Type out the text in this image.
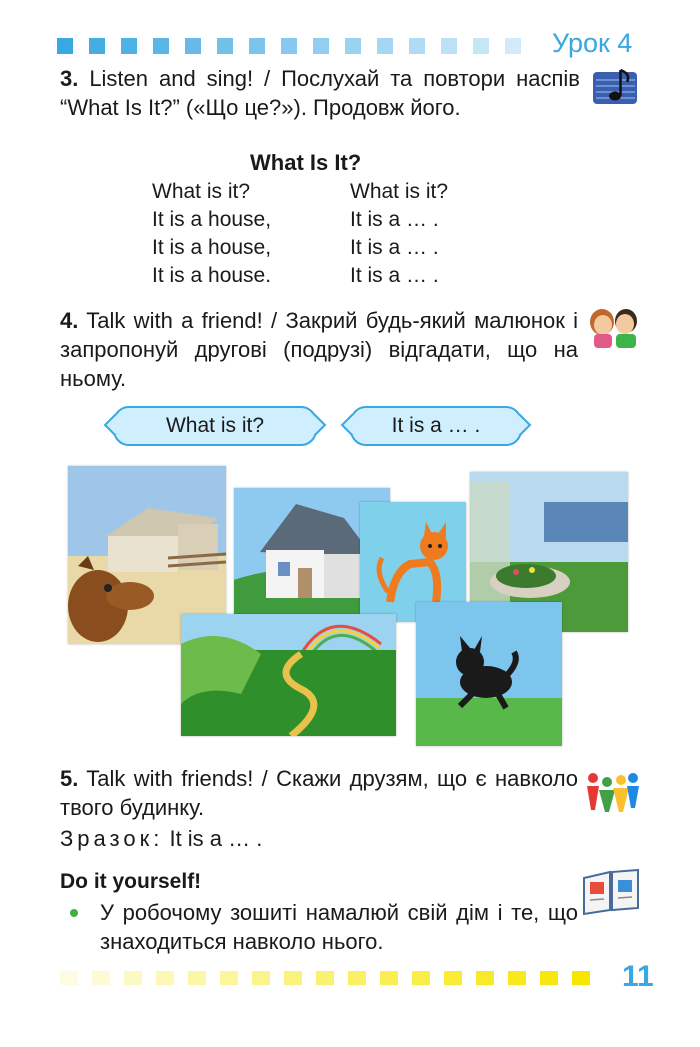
Урок 4
3. Listen and sing! / Послухай та повтори наспів “What Is It?” («Що це?»). Продовж його.
What Is It?
What is it?
It is a house,
It is a house,
It is a house.
What is it?
It is a … .
It is a … .
It is a … .
4. Talk with a friend! / Закрий будь-який малюнок і запропонуй другові (подрузі) відгадати, що на ньому.
What is it?	It is a … .
5. Talk with friends! / Скажи друзям, що є навколо твого будинку.
Зразок: It is a … .
Do it yourself!
У робочому зошиті намалюй свій дім і те, що знаходиться навколо нього.
11
